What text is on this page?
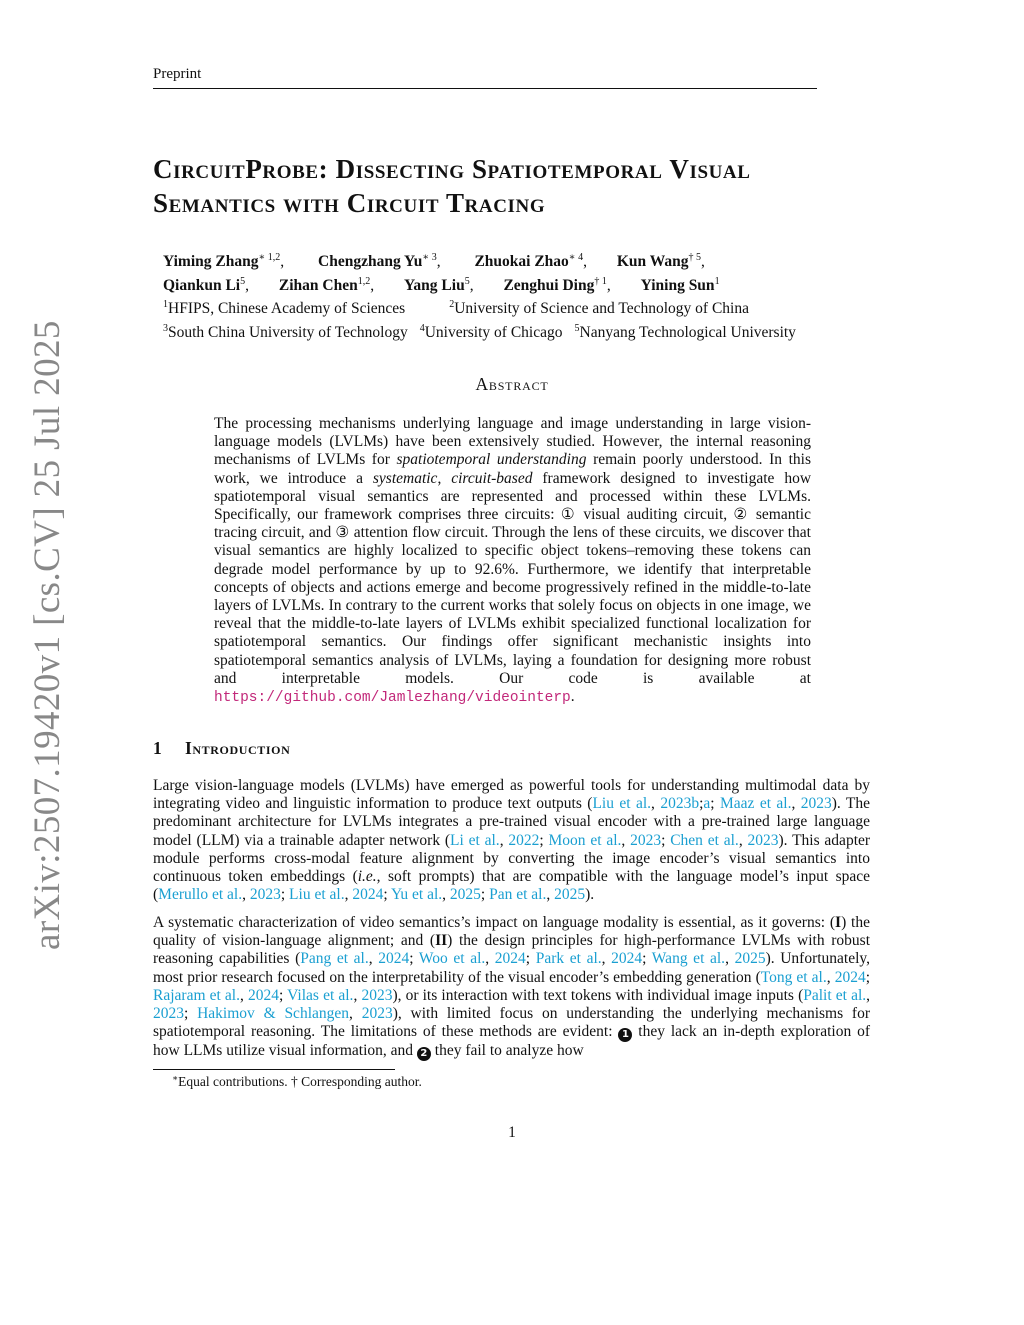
Preprint
arXiv:2507.19420v1 [cs.CV] 25 Jul 2025
CircuitProbe: Dissecting Spatiotemporal Visual
Semantics with Circuit Tracing
Yiming Zhang$^{∗ 1,2}$, Chengzhang $Yu^{∗ 3}$, Zhuokai Zhao$^{∗ 4}$, Kun Wang$^{\dagger 5}$,
Qiankun Li$^5$, Zihan Chen$^{1,2}$, Yang Liu$^5$, Zenghui Ding$^{\dagger 1}$, Yining Sun$^1$
$^1$HFIPS, Chinese Academy of Sciences	$^2$University of Science and Technology of China
$^3$South China University of Technology $^4$University of Chicago $^5$Nanyang Technological University
Abstract

The processing mechanisms underlying language and image understanding in large vision-language models (LVLMs) have been extensively studied. However, the internal reasoning mechanisms of LVLMs for spatiotemporal understanding remain poorly understood. In this work, we introduce a systematic, circuit-based framework designed to investigate how spatiotemporal visual semantics are represented and processed within these LVLMs. Specifically, our framework comprises three circuits: ① visual auditing circuit, ② semantic tracing circuit, and ③ attention flow circuit. Through the lens of these circuits, we discover that visual semantics are highly localized to specific object tokens–removing these tokens can degrade model performance by up to 92.6%. Furthermore, we identify that interpretable concepts of objects and actions emerge and become progressively refined in the middle-to-late layers of LVLMs. In contrary to the current works that solely focus on objects in one image, we reveal that the middle-to-late layers of LVLMs exhibit specialized functional localization for spatiotemporal semantics. Our findings offer significant mechanistic insights into spatiotemporal semantics analysis of LVLMs, laying a foundation for designing more robust and interpretable models. Our code is available at https://github.com/Jamlezhang/videointerp.

1 Introduction

Large vision-language models (LVLMs) have emerged as powerful tools for understanding multimodal data by integrating video and linguistic information to produce text outputs (Liu et al., 2023b;a; Maaz et al., 2023). The predominant architecture for LVLMs integrates a pre-trained visual encoder with a pre-trained large language model (LLM) via a trainable adapter network (Li et al., 2022; Moon et al., 2023; Chen et al., 2023). This adapter module performs cross-modal feature alignment by converting the image encoder’s visual semantics into continuous token embeddings (i.e., soft prompts) that are compatible with the language model’s input space (Merullo et al., 2023; Liu et al., 2024; Yu et al., 2025; Pan et al., 2025).

A systematic characterization of video semantics’s impact on language modality is essential, as it governs: (I) the quality of vision-language alignment; and (II) the design principles for high-performance LVLMs with robust reasoning capabilities (Pang et al., 2024; Woo et al., 2024; Park et al., 2024; Wang et al., 2025). Unfortunately, most prior research focused on the interpretability of the visual encoder’s embedding generation (Tong et al., 2024; Rajaram et al., 2024; Vilas et al., 2023), or its interaction with text tokens with individual image inputs (Palit et al., 2023; Hakimov & Schlangen, 2023), with limited focus on understanding the underlying mechanisms for spatiotemporal reasoning. The limitations of these methods are evident: 1 they lack an in-depth exploration of how LLMs utilize visual information, and 2 they fail to analyze how

∗Equal contributions. † Corresponding author.
1
